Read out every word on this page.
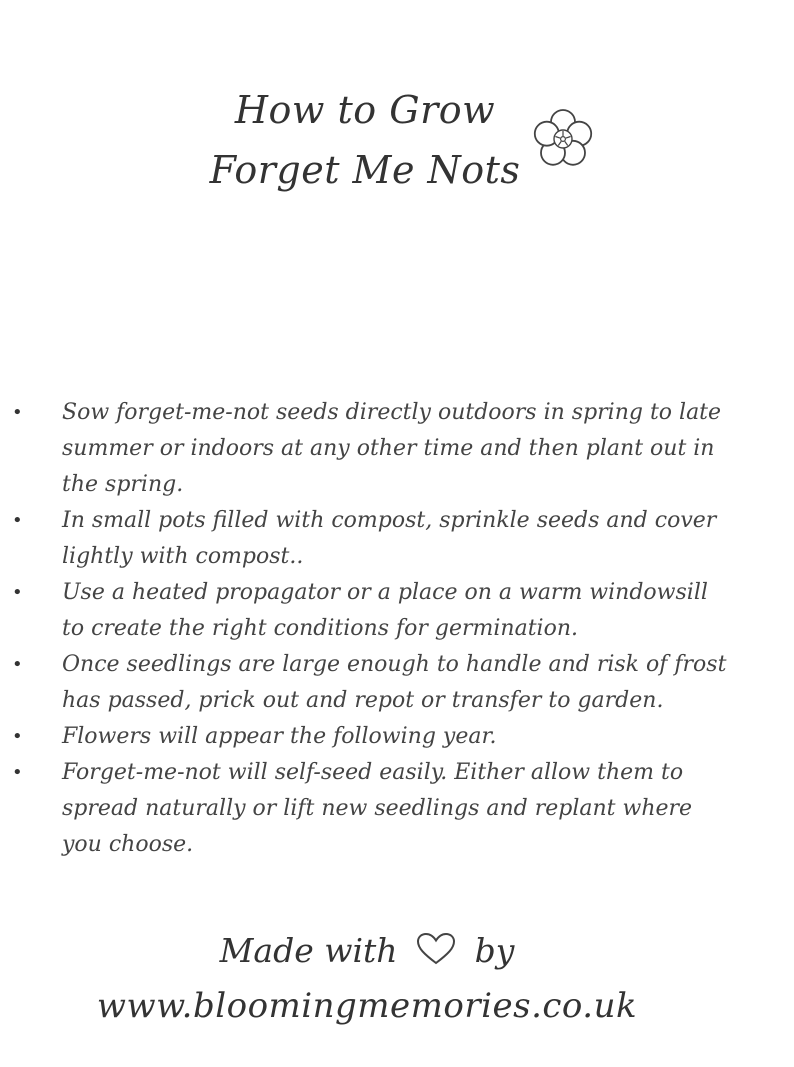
How to Grow
Forget Me Nots
• Sow forget-me-not seeds directly outdoors in spring to late summer or indoors at any other time and then plant out in the spring.
• In small pots filled with compost, sprinkle seeds and cover lightly with compost..
• Use a heated propagator or a place on a warm windowsill to create the right conditions for germination.
• Once seedlings are large enough to handle and risk of frost has passed, prick out and repot or transfer to garden.
• Flowers will appear the following year.
• Forget-me-not will self-seed easily. Either allow them to spread naturally or lift new seedlings and replant where you choose.
Made with by
www.bloomingmemories.co.uk
